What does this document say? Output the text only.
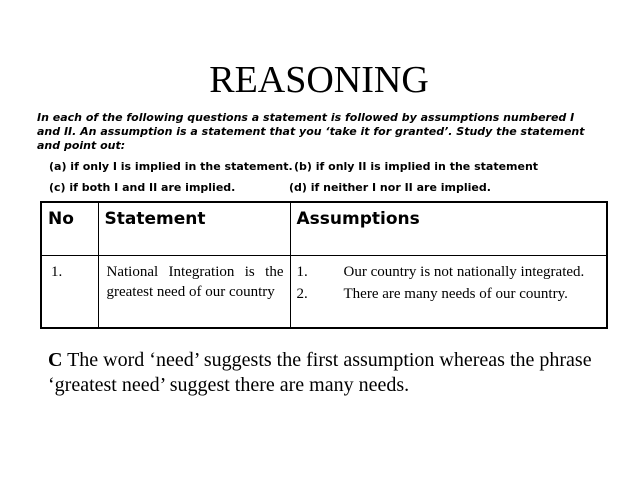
REASONING
In each of the following questions a statement is followed by assumptions numbered I and II. An assumption is a statement that you ‘take it for granted’. Study the statement and point out:
(a) if only I is implied in the statement. (b) if only II is implied in the statement
(c) if both I and II are implied.	(d) if neither I nor II are implied.
No	Statement	Assumptions

1.	National Integration is the greatest need of our country	1. Our country is not nationally integrated.
2. There are many needs of our country.
C The word ‘need’ suggests the first assumption whereas the phrase ‘greatest need’ suggest there are many needs.
